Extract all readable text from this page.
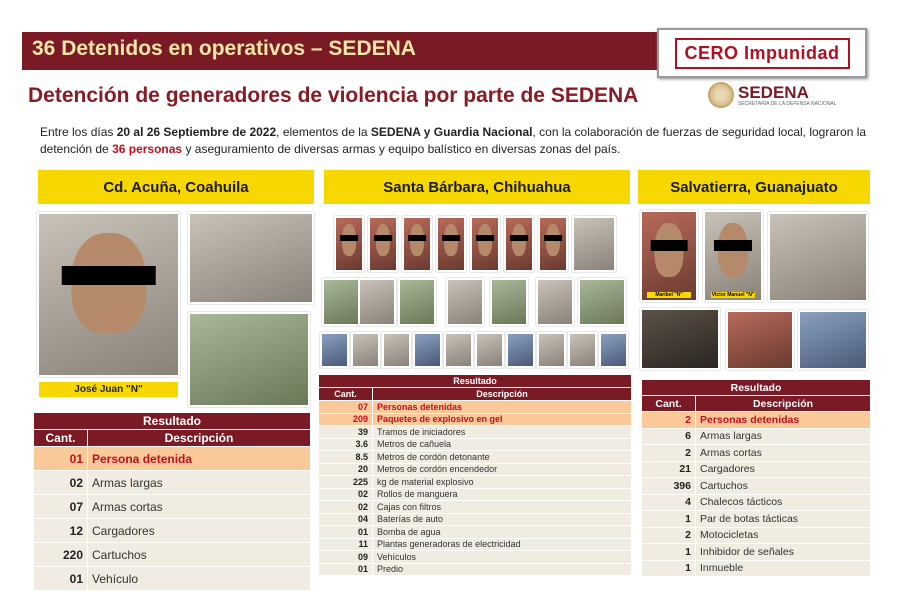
36 Detenidos en operativos – SEDENA	CERO Impunidad
Detención de generadores de violencia por parte de SEDENA	SEDENA
SECRETARÍA DE LA DEFENSA NACIONAL
Entre los días 20 al 26 Septiembre de 2022, elementos de la SEDENA y Guardia Nacional, con la colaboración de fuerzas de seguridad local, lograron la detención de 36 personas y aseguramiento de diversas armas y equipo balístico en diversas zonas del país.
Cd. Acuña, Coahuila	Santa Bárbara, Chihuahua	Salvatierra, Guanajuato
José Juan "N"
Maribel "N"	Victor Manuel "N"
Resultado	
Cant.	Descripción
01	Persona detenida
02	Armas largas
07	Armas cortas
12	Cargadores
220	Cartuchos
01	Vehículo
Resultado	
Cant.	Descripción
07	Personas detenidas
209	Paquetes de explosivo en gel
39	Tramos de iniciadores
3.6	Metros de cañuela
8.5	Metros de cordón detonante
20	Metros de cordón encendedor
225	kg de material explosivo
02	Rollos de manguera
02	Cajas con filtros
04	Baterías de auto
01	Bomba de agua
11	Plantas generadoras de electricidad
09	Vehículos
01	Predio
Resultado	
Cant.	Descripción
2	Personas detenidas
6	Armas largas
2	Armas cortas
21	Cargadores
396	Cartuchos
4	Chalecos tácticos
1	Par de botas tácticas
2	Motocicletas
1	Inhibidor de señales
1	Inmueble
